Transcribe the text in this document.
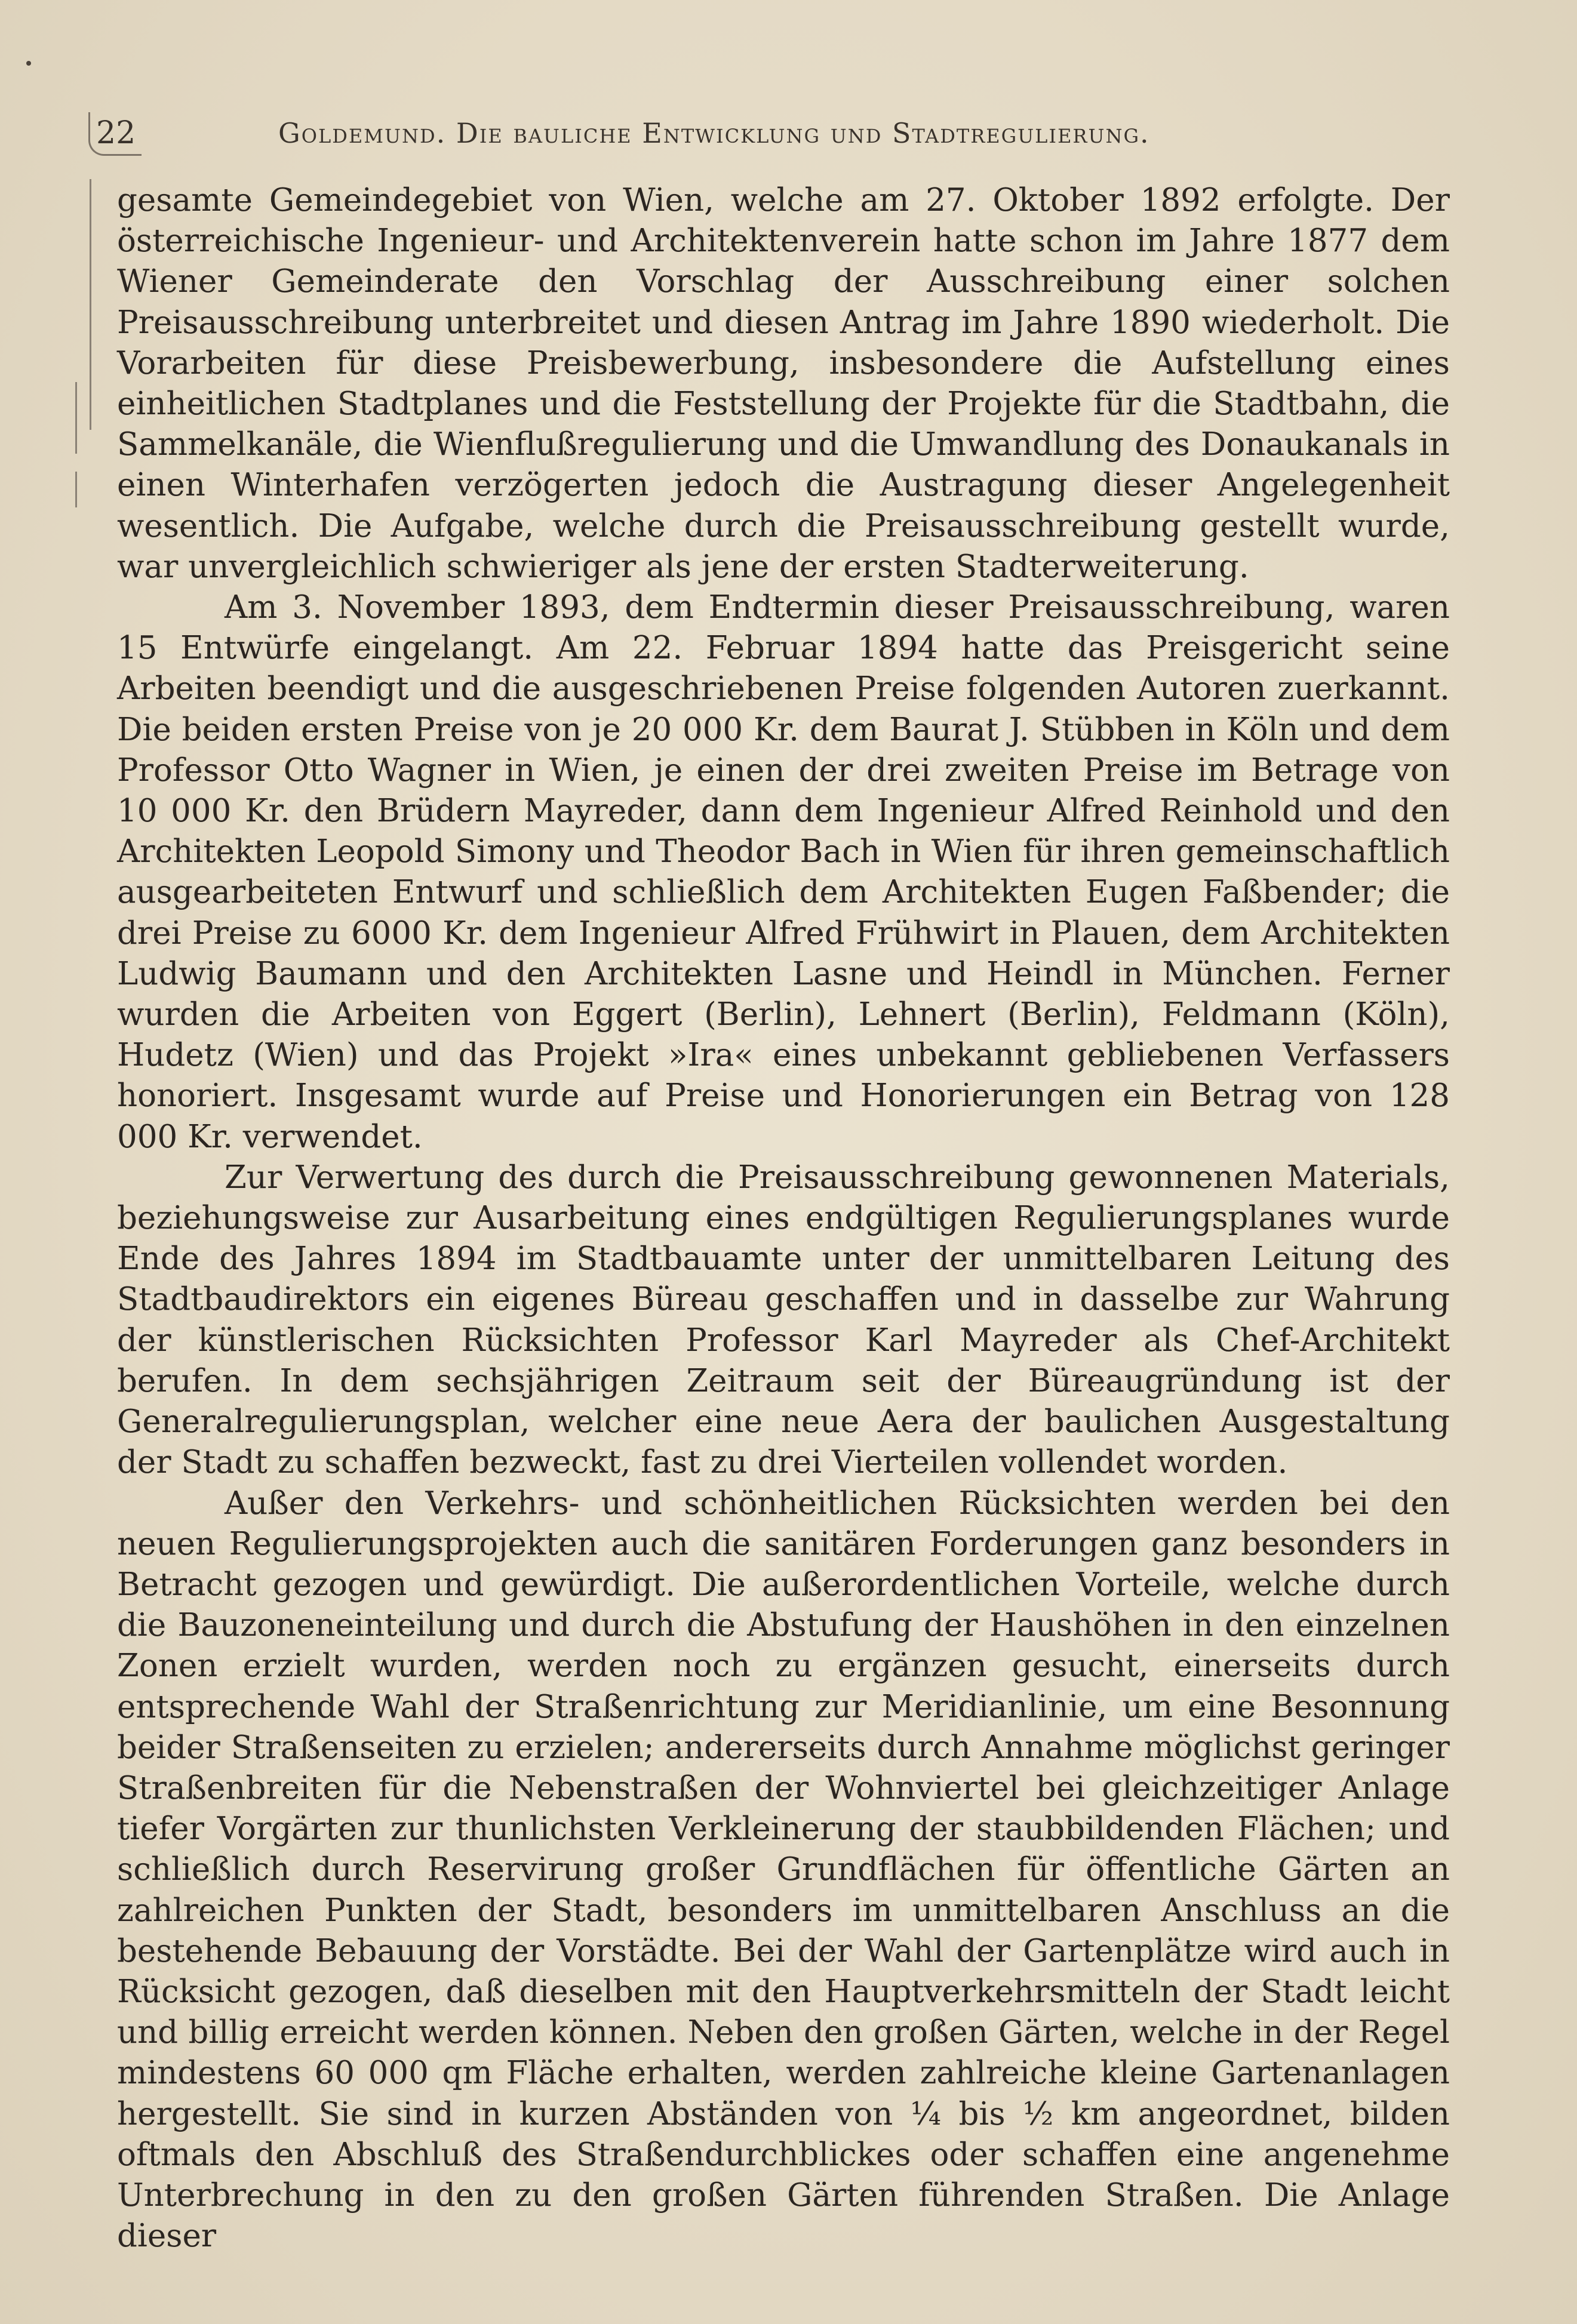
22	Goldemund. Die bauliche Entwicklung und Stadtregulierung.

gesamte Gemeindegebiet von Wien, welche am 27. Oktober 1892 erfolgte. Der österreichische Ingenieur- und Architektenverein hatte schon im Jahre 1877 dem Wiener Gemeinderate den Vorschlag der Ausschreibung einer solchen Preisausschreibung unterbreitet und diesen Antrag im Jahre 1890 wiederholt. Die Vorarbeiten für diese Preisbewerbung, insbesondere die Aufstellung eines einheitlichen Stadtplanes und die Feststellung der Projekte für die Stadtbahn, die Sammelkanäle, die Wienflußregulierung und die Umwandlung des Donaukanals in einen Winterhafen verzögerten jedoch die Austragung dieser Angelegenheit wesentlich. Die Aufgabe, welche durch die Preisausschreibung gestellt wurde, war unvergleichlich schwieriger als jene der ersten Stadterweiterung.

Am 3. November 1893, dem Endtermin dieser Preisausschreibung, waren 15 Entwürfe eingelangt. Am 22. Februar 1894 hatte das Preisgericht seine Arbeiten beendigt und die ausgeschriebenen Preise folgenden Autoren zuerkannt. Die beiden ersten Preise von je 20 000 Kr. dem Baurat J. Stübben in Köln und dem Professor Otto Wagner in Wien, je einen der drei zweiten Preise im Betrage von 10 000 Kr. den Brüdern Mayreder, dann dem Ingenieur Alfred Reinhold und den Architekten Leopold Simony und Theodor Bach in Wien für ihren gemeinschaftlich ausgearbeiteten Entwurf und schließlich dem Architekten Eugen Faßbender; die drei Preise zu 6000 Kr. dem Ingenieur Alfred Frühwirt in Plauen, dem Architekten Ludwig Baumann und den Architekten Lasne und Heindl in München. Ferner wurden die Arbeiten von Eggert (Berlin), Lehnert (Berlin), Feldmann (Köln), Hudetz (Wien) und das Projekt »Ira« eines unbekannt gebliebenen Verfassers honoriert. Insgesamt wurde auf Preise und Honorierungen ein Betrag von 128 000 Kr. verwendet.

Zur Verwertung des durch die Preisausschreibung gewonnenen Materials, beziehungsweise zur Ausarbeitung eines endgültigen Regulierungsplanes wurde Ende des Jahres 1894 im Stadtbauamte unter der unmittelbaren Leitung des Stadtbaudirektors ein eigenes Büreau geschaffen und in dasselbe zur Wahrung der künstlerischen Rücksichten Professor Karl Mayreder als Chef-Architekt berufen. In dem sechsjährigen Zeitraum seit der Büreaugründung ist der Generalregulierungsplan, welcher eine neue Aera der baulichen Ausgestaltung der Stadt zu schaffen bezweckt, fast zu drei Vierteilen vollendet worden.

Außer den Verkehrs- und schönheitlichen Rücksichten werden bei den neuen Regulierungsprojekten auch die sanitären Forderungen ganz besonders in Betracht gezogen und gewürdigt. Die außerordentlichen Vorteile, welche durch die Bauzoneneinteilung und durch die Abstufung der Haushöhen in den einzelnen Zonen erzielt wurden, werden noch zu ergänzen gesucht, einerseits durch entsprechende Wahl der Straßenrichtung zur Meridianlinie, um eine Besonnung beider Straßenseiten zu erzielen; andererseits durch Annahme möglichst geringer Straßenbreiten für die Nebenstraßen der Wohnviertel bei gleichzeitiger Anlage tiefer Vorgärten zur thunlichsten Verkleinerung der staubbildenden Flächen; und schließlich durch Reservirung großer Grundflächen für öffentliche Gärten an zahlreichen Punkten der Stadt, besonders im unmittelbaren Anschluss an die bestehende Bebauung der Vorstädte. Bei der Wahl der Gartenplätze wird auch in Rücksicht gezogen, daß dieselben mit den Hauptverkehrsmitteln der Stadt leicht und billig erreicht werden können. Neben den großen Gärten, welche in der Regel mindestens 60 000 qm Fläche erhalten, werden zahlreiche kleine Gartenanlagen hergestellt. Sie sind in kurzen Abständen von ¼ bis ½ km angeordnet, bilden oftmals den Abschluß des Straßendurchblickes oder schaffen eine angenehme Unterbrechung in den zu den großen Gärten führenden Straßen. Die Anlage dieser
